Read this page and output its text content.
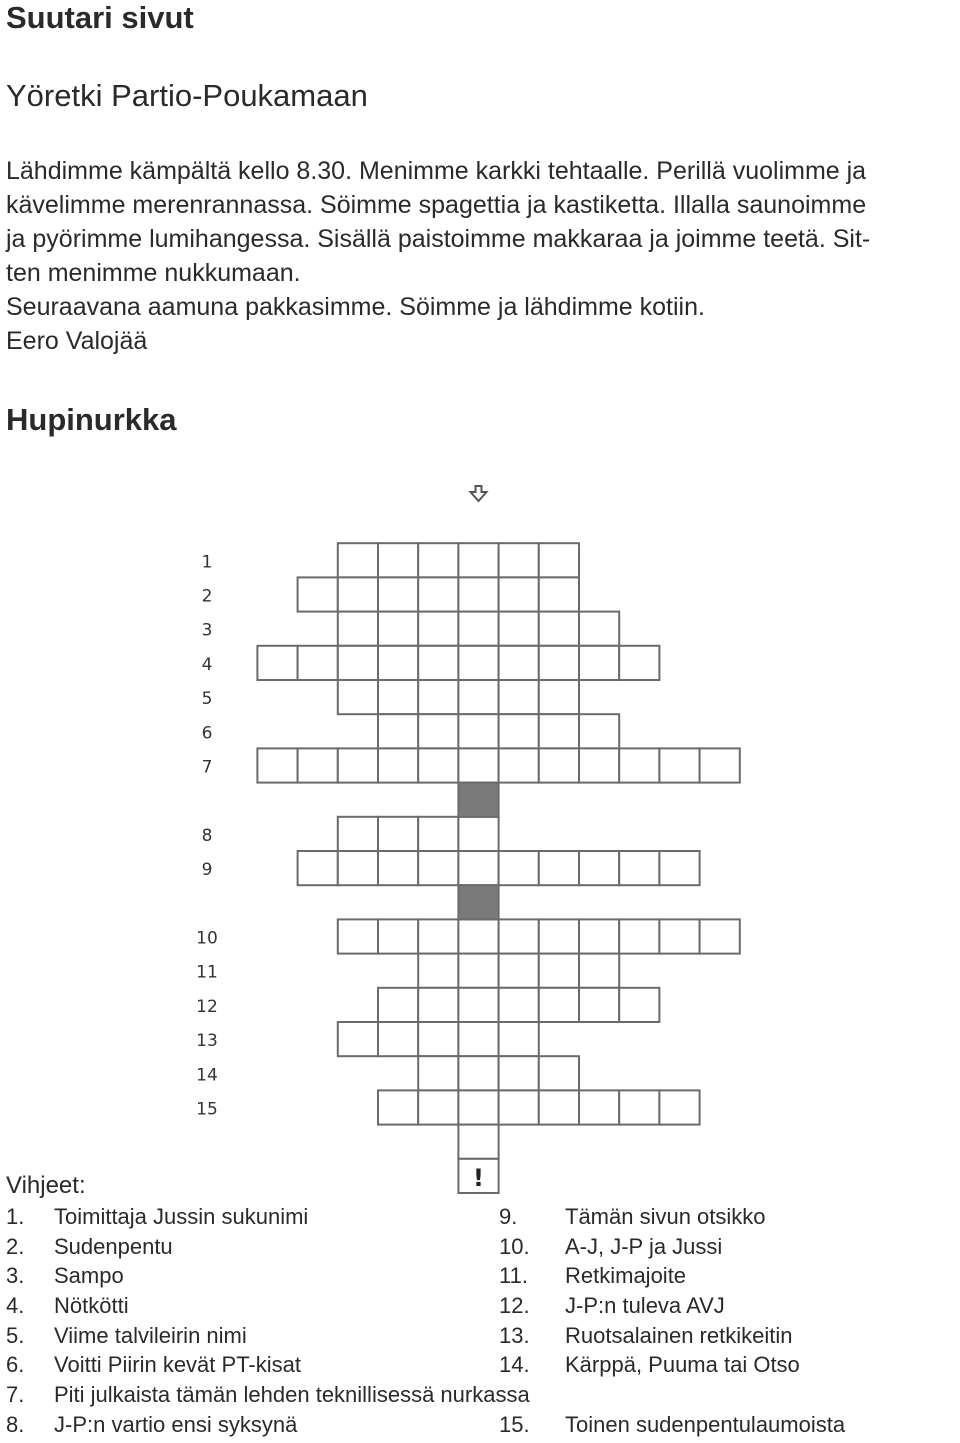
Suutari sivut
Yöretki Partio-Poukamaan

Lähdimme kämpältä kello 8.30. Menimme karkki tehtaalle. Perillä vuolimme ja

kävelimme merenrannassa. Söimme spagettia ja kastiketta. Illalla saunoimme

ja pyörimme lumihangessa. Sisällä paistoimme makkaraa ja joimme teetä. Sit-

ten menimme nukkumaan.

Seuraavana aamuna pakkasimme. Söimme ja lähdimme kotiin.

Eero Valojää
Hupinurkka
1
2
3
4
5
6
7
8
9
10
11
12
13
14
15
!
Vihjeet:
1. Toimittaja Jussin sukunimi
2. Sudenpentu
3. Sampo
4. Nötkötti
5. Viime talvileirin nimi
6. Voitti Piirin kevät PT-kisat
7. Piti julkaista tämän lehden teknillisessä nurkassa
8. J-P:n vartio ensi syksynä
9. Tämän sivun otsikko
10. A-J, J-P ja Jussi
11. Retkimajoite
12. J-P:n tuleva AVJ
13. Ruotsalainen retkikeitin
14. Kärppä, Puuma tai Otso
15. Toinen sudenpentulaumoista
